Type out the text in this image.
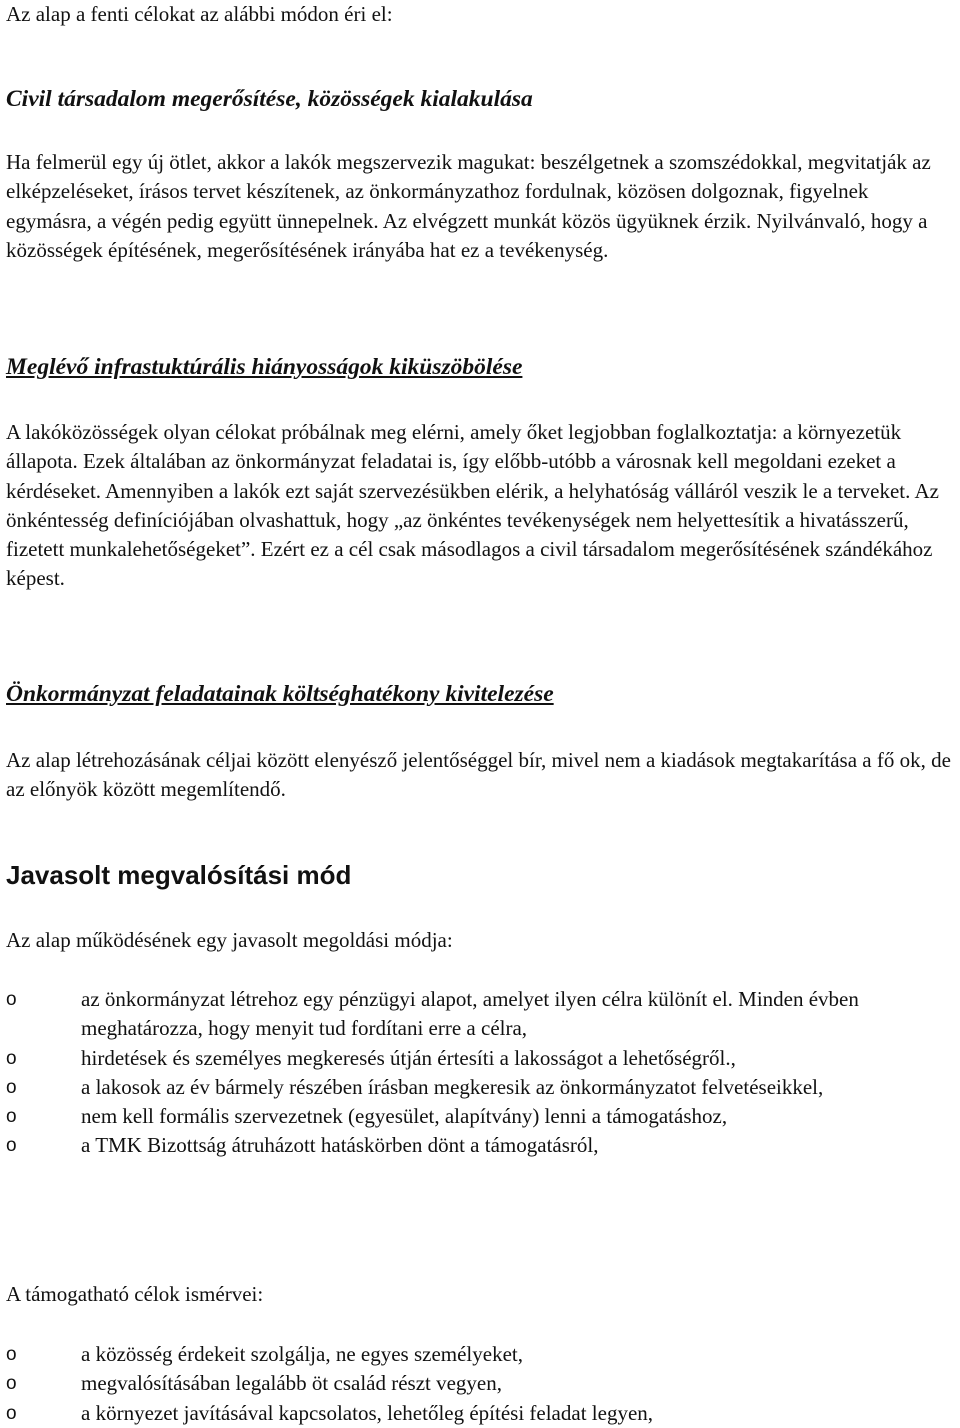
Az alap a fenti célokat az alábbi módon éri el:

Civil társadalom megerősítése, közösségek kialakulása

Ha felmerül egy új ötlet, akkor a lakók megszervezik magukat: beszélgetnek a szomszédokkal, megvitatják az elképzeléseket, írásos tervet készítenek, az önkormányzathoz fordulnak, közösen dolgoznak, figyelnek egymásra, a végén pedig együtt ünnepelnek. Az elvégzett munkát közös ügyüknek érzik. Nyilvánvaló, hogy a közösségek építésének, megerősítésének irányába hat ez a tevékenység.

Meglévő infrastuktúrális hiányosságok kiküszöbölése

A lakóközösségek olyan célokat próbálnak meg elérni, amely őket legjobban foglalkoztatja: a környezetük állapota. Ezek általában az önkormányzat feladatai is, így előbb-utóbb a városnak kell megoldani ezeket a kérdéseket. Amennyiben a lakók ezt saját szervezésükben elérik, a helyhatóság válláról veszik le a terveket. Az önkéntesség definíciójában olvashattuk, hogy „az önkéntes tevékenységek nem helyettesítik a hivatásszerű, fizetett munkalehetőségeket”. Ezért ez a cél csak másodlagos a civil társadalom megerősítésének szándékához képest.

Önkormányzat feladatainak költséghatékony kivitelezése

Az alap létrehozásának céljai között elenyésző jelentőséggel bír, mivel nem a kiadások megtakarítása a fő ok, de az előnyök között megemlítendő.

Javasolt megvalósítási mód

Az alap működésének egy javasolt megoldási módja:

o	az önkormányzat létrehoz egy pénzügyi alapot, amelyet ilyen célra különít el. Minden évben meghatározza, hogy menyit tud fordítani erre a célra,
o	hirdetések és személyes megkeresés útján értesíti a lakosságot a lehetőségről.,
o	a lakosok az év bármely részében írásban megkeresik az önkormányzatot felvetéseikkel,
o	nem kell formális szervezetnek (egyesület, alapítvány) lenni a támogatáshoz,
o	a TMK Bizottság átruházott hatáskörben dönt a támogatásról,

A támogatható célok ismérvei:

o	a közösség érdekeit szolgálja, ne egyes személyeket,
o	megvalósításában legalább öt család részt vegyen,
o	a környezet javításával kapcsolatos, lehetőleg építési feladat legyen,
